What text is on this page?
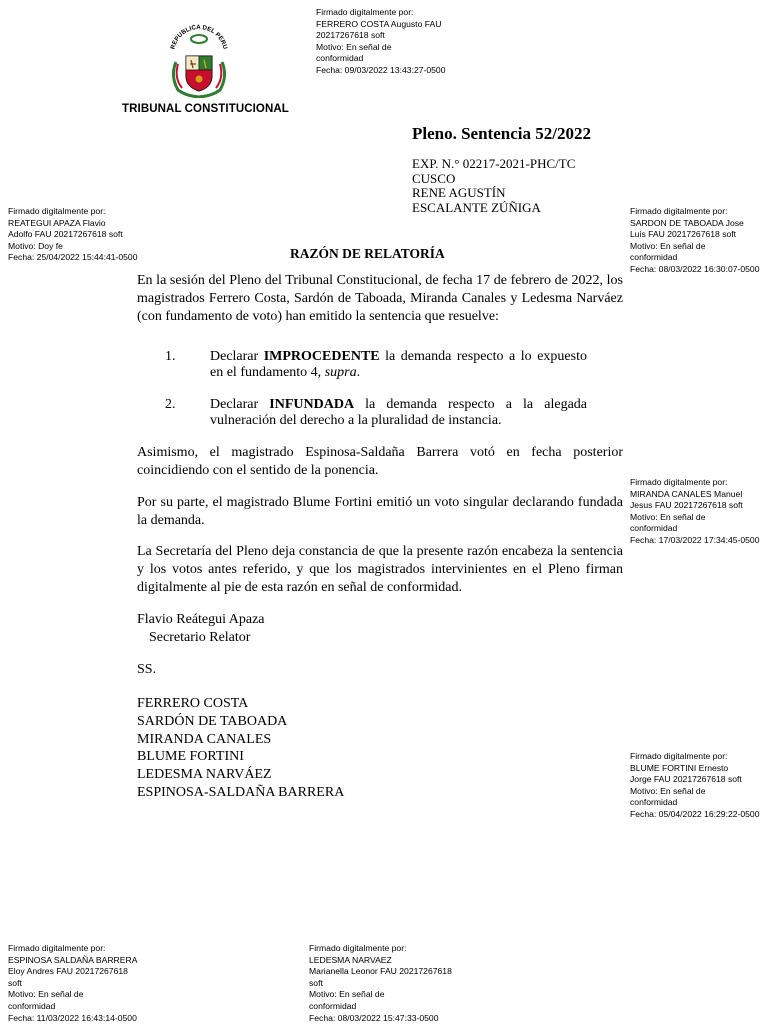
Firmado digitalmente por:
FERRERO COSTA Augusto FAU
20217267618 soft
Motivo: En señal de
conformidad
Fecha: 09/03/2022 13:43:27-0500
Firmado digitalmente por:
REATEGUI APAZA Flavio
Adolfo FAU 20217267618 soft
Motivo: Doy fe
Fecha: 25/04/2022 15:44:41-0500
Firmado digitalmente por:
SARDON DE TABOADA Jose
Luis FAU 20217267618 soft
Motivo: En señal de
conformidad
Fecha: 08/03/2022 16:30:07-0500
Firmado digitalmente por:
MIRANDA CANALES Manuel
Jesus FAU 20217267618 soft
Motivo: En señal de
conformidad
Fecha: 17/03/2022 17:34:45-0500
Firmado digitalmente por:
BLUME FORTINI Ernesto
Jorge FAU 20217267618 soft
Motivo: En señal de
conformidad
Fecha: 05/04/2022 16:29:22-0500
Firmado digitalmente por:
ESPINOSA SALDAÑA BARRERA
Eloy Andres FAU 20217267618
soft
Motivo: En señal de
conformidad
Fecha: 11/03/2022 16:43:14-0500
Firmado digitalmente por:
LEDESMA NARVAEZ
Marianella Leonor FAU 20217267618
soft
Motivo: En señal de
conformidad
Fecha: 08/03/2022 15:47:33-0500
REPUBLICA DEL PERU
TRIBUNAL CONSTITUCIONAL
Pleno. Sentencia 52/2022
EXP. N.° 02217-2021-PHC/TC
CUSCO
RENE AGUSTÍN
ESCALANTE ZÚÑIGA
RAZÓN DE RELATORÍA
En la sesión del Pleno del Tribunal Constitucional, de fecha 17 de febrero de 2022, los magistrados Ferrero Costa, Sardón de Taboada, Miranda Canales y Ledesma Narváez (con fundamento de voto) han emitido la sentencia que resuelve:
1. Declarar IMPROCEDENTE la demanda respecto a lo expuesto
en el fundamento 4, supra.
2. Declarar INFUNDADA la demanda respecto a la alegada
vulneración del derecho a la pluralidad de instancia.
Asimismo, el magistrado Espinosa-Saldaña Barrera votó en fecha posterior coincidiendo con el sentido de la ponencia.
Por su parte, el magistrado Blume Fortini emitió un voto singular declarando fundada la demanda.
La Secretaría del Pleno deja constancia de que la presente razón encabeza la sentencia y los votos antes referido, y que los magistrados intervinientes en el Pleno firman digitalmente al pie de esta razón en señal de conformidad.
Flavio Reátegui Apaza
Secretario Relator
SS.
FERRERO COSTA
SARDÓN DE TABOADA
MIRANDA CANALES
BLUME FORTINI
LEDESMA NARVÁEZ
ESPINOSA-SALDAÑA BARRERA
